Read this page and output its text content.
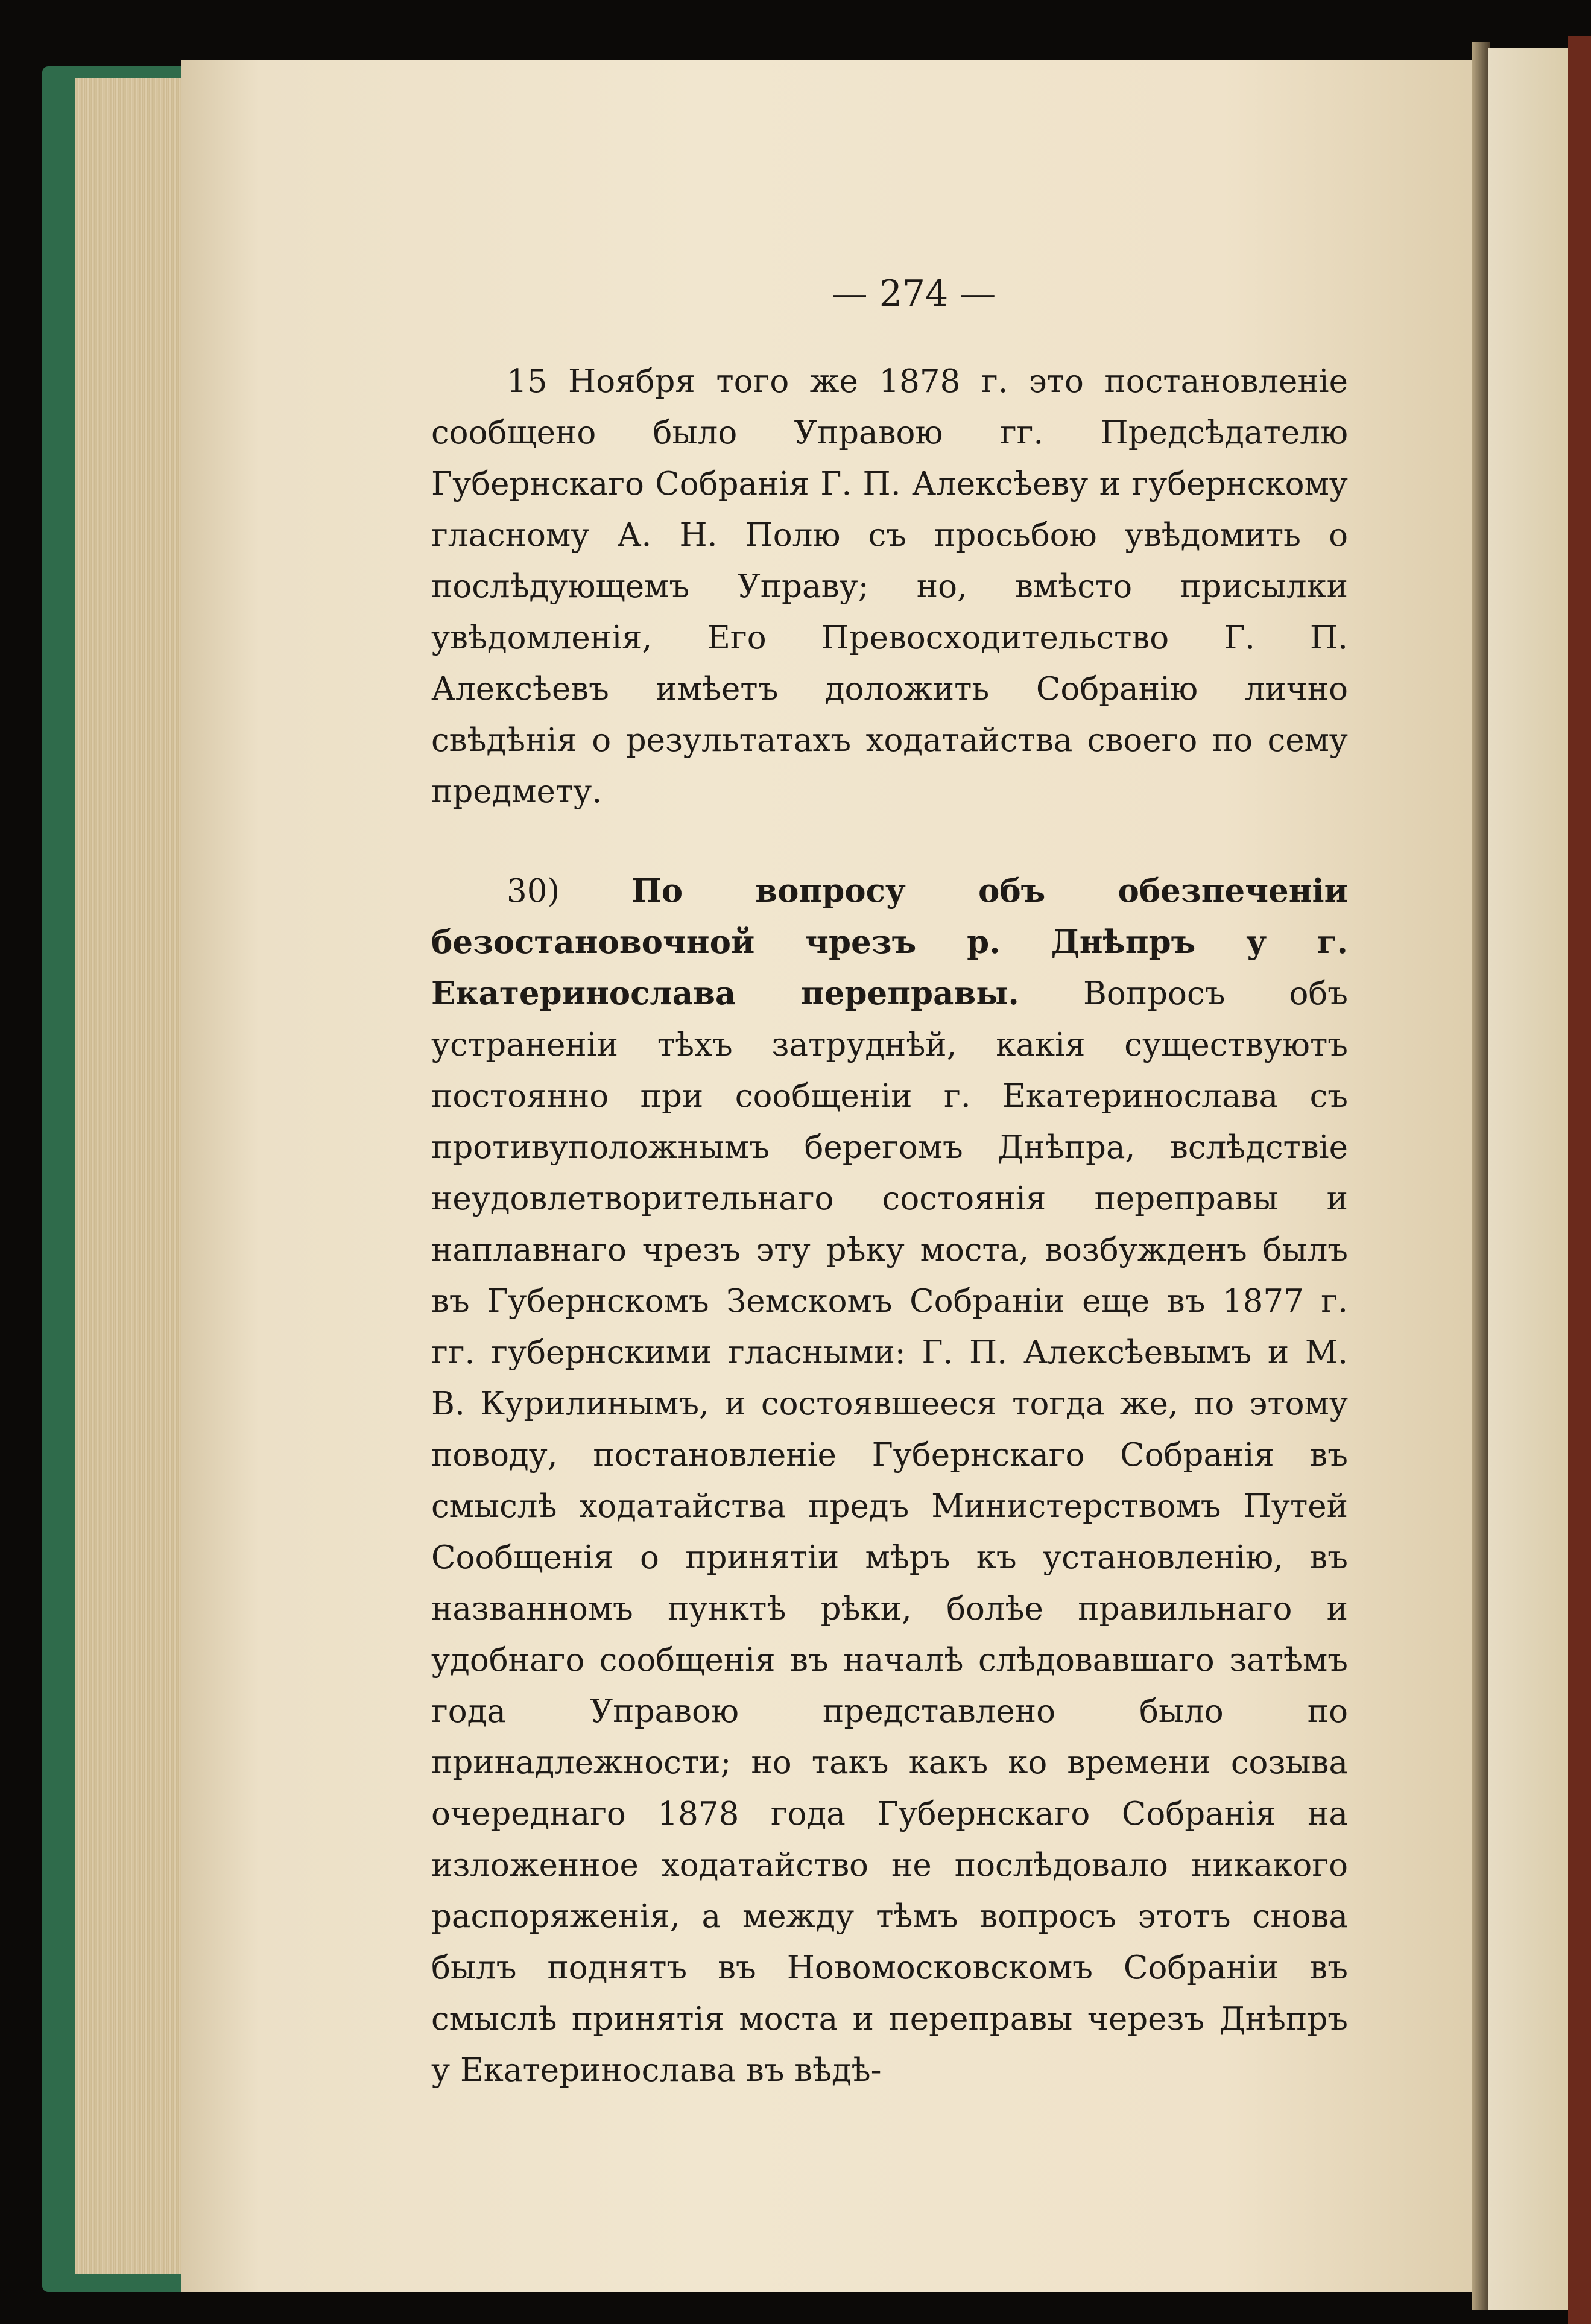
— 274 —

15 Ноября того же 1878 г. это постановленіе сообщено было Управою гг. Предсѣдателю Губернскаго Собранія Г. П. Алексѣеву и губернскому гласному А. Н. Полю съ просьбою увѣдомить о послѣдующемъ Управу; но, вмѣсто присылки увѣдомленія, Его Превосходительство Г. П. Алексѣевъ имѣетъ доложить Собранію лично свѣдѣнія о результатахъ ходатайства своего по сему предмету.

30) По вопросу объ обезпеченіи безостановочной чрезъ р. Днѣпръ у г. Екатеринослава переправы. Вопросъ объ устраненіи тѣхъ затруднѣй, какія существуютъ постоянно при сообщеніи г. Екатеринослава съ противуположнымъ берегомъ Днѣпра, вслѣдствіе неудовлетворительнаго состоянія переправы и наплавнаго чрезъ эту рѣку моста, возбужденъ былъ въ Губернскомъ Земскомъ Собраніи еще въ 1877 г. гг. губернскими гласными: Г. П. Алексѣевымъ и М. В. Курилинымъ, и состоявшееся тогда же, по этому поводу, постановленіе Губернскаго Собранія въ смыслѣ ходатайства предъ Министерствомъ Путей Сообщенія о принятіи мѣръ къ установленію, въ названномъ пунктѣ рѣки, болѣе правильнаго и удобнаго сообщенія въ началѣ слѣдовавшаго затѣмъ года Управою представлено было по принадлежности; но такъ какъ ко времени созыва очереднаго 1878 года Губернскаго Собранія на изложенное ходатайство не послѣдовало никакого распоряженія, а между тѣмъ вопросъ этотъ снова былъ поднятъ въ Новомосковскомъ Собраніи въ смыслѣ принятія моста и переправы черезъ Днѣпръ у Екатеринослава въ вѣдѣ-
